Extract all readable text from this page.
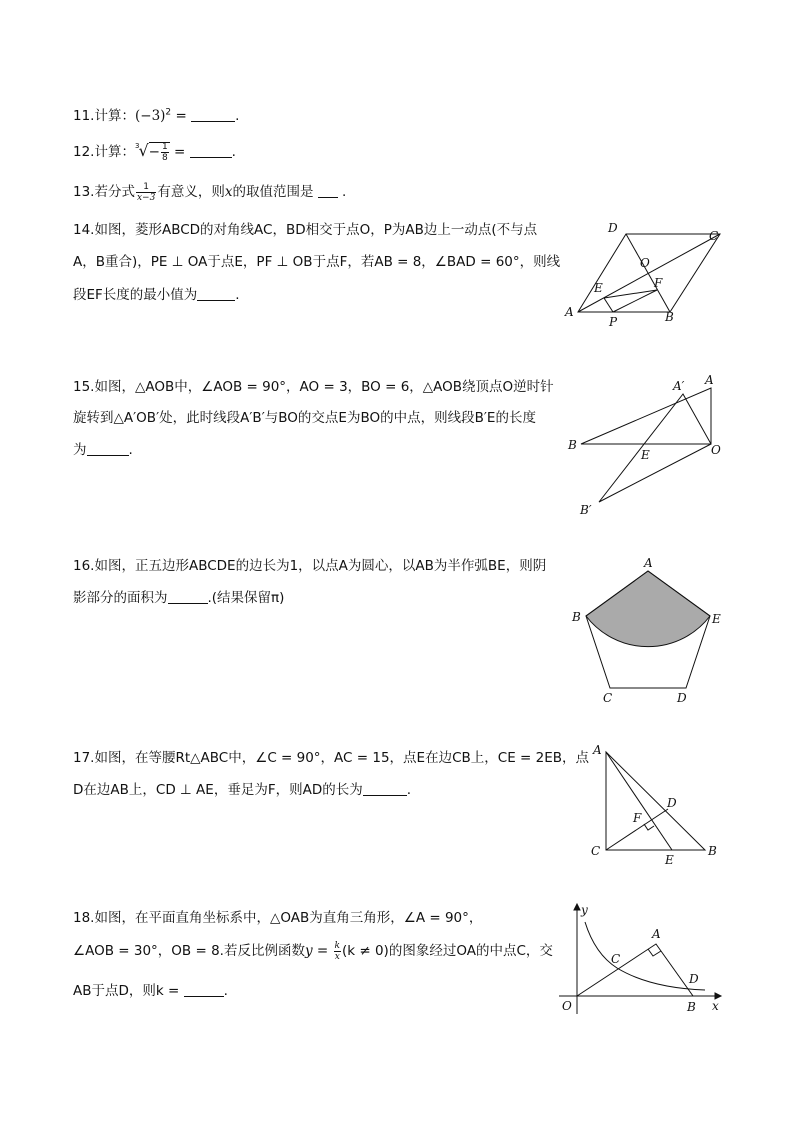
11.计算：$(-3)^2$ =	.
12.计算：$^3√- \frac{1}{8}$ =	.
13.若分式 $\frac{1}{x-3}$ 有意义，则x的取值范围是 .
14.如图，菱形ABCD的对角线AC，BD相交于点O，P为AB边上一动点(不与点
A，B重合)，PE ⊥ OA于点E，PF ⊥ OB于点F，若AB = 8，∠BAD = 60°，则线
段EF长度的最小值为	.
D
C
O
E	F
A
P	B
15.如图，△AOB中，∠AOB = 90°，AO = 3，BO = 6，△AOB绕顶点O逆时针
旋转到△A′OB′处，此时线段A′B′与BO的交点E为BO的中点，则线段B′E的长度
为	.
A′ A
B
E	O
B′
16.如图，正五边形ABCDE的边长为1，以点A为圆心，以AB为半作弧BE，则阴
影部分的面积为	.(结果保留π)
A
B	E
C	D
17.如图，在等腰Rt△ABC中，∠C = 90°，AC = 15，点E在边CB上，CE = 2EB，点
D在边AB上，CD ⊥ AE，垂足为F，则AD的长为	.
A
D
F
C
E
B
18.如图，在平面直角坐标系中，△OAB为直角三角形，∠A = 90°，
∠AOB = 30°，OB = 8.若反比例函数$y = \frac{k}{x} (k \ne 0)$的图象经过OA的中点C，交
AB于点D，则k =	.
y
A
C
D
O	B x
